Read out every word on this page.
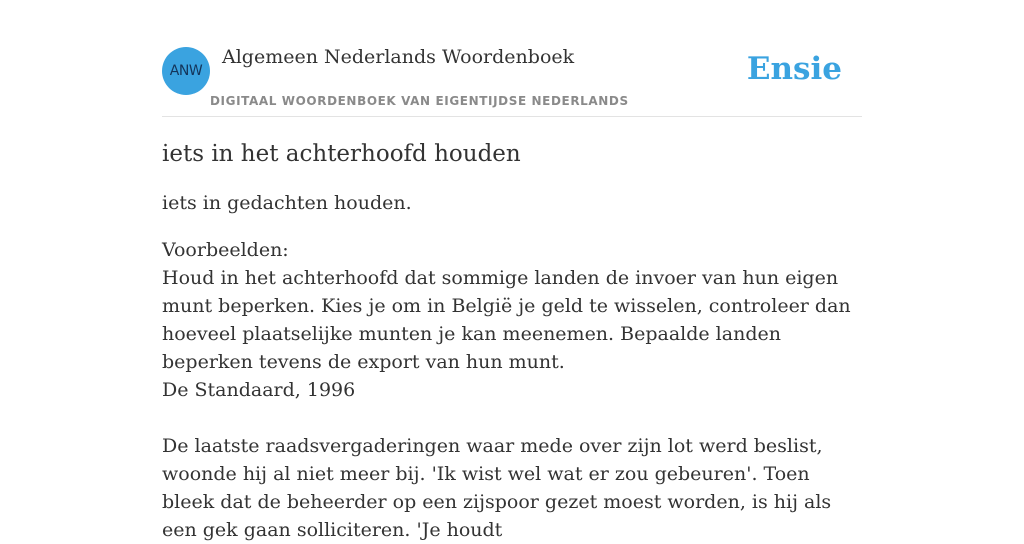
ANW
Algemeen Nederlands Woordenboek
DIGITAAL WOORDENBOEK VAN EIGENTIJDSE NEDERLANDS
Ensie
iets in het achterhoofd houden

iets in gedachten houden.

Voorbeelden:

Houd in het achterhoofd dat sommige landen de invoer van hun eigen munt beperken. Kies je om in België je geld te wisselen, controleer dan hoeveel plaatselijke munten je kan meenemen. Bepaalde landen beperken tevens de export van hun munt.

De Standaard, 1996

De laatste raadsvergaderingen waar mede over zijn lot werd beslist, woonde hij al niet meer bij. 'Ik wist wel wat er zou gebeuren'. Toen bleek dat de beheerder op een zijspoor gezet moest worden, is hij als een gek gaan solliciteren. 'Je houdt
